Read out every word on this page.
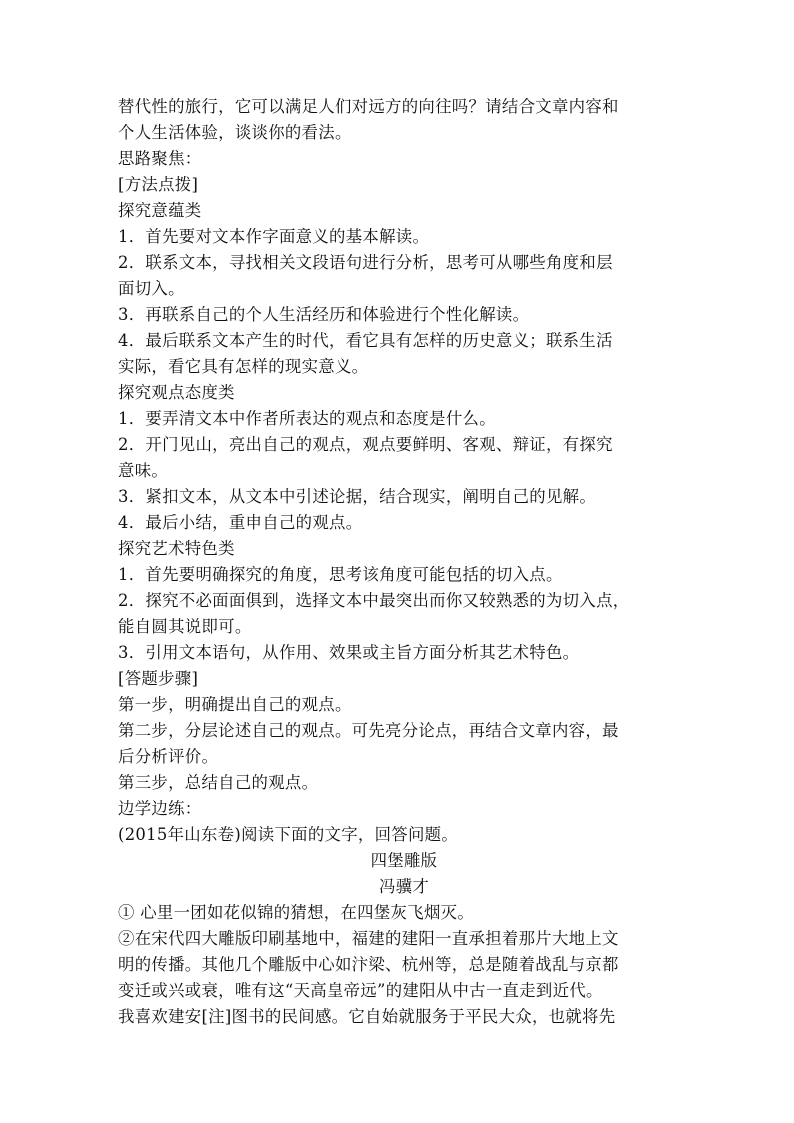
替代性的旅行，它可以满足人们对远方的向往吗？请结合文章内容和
个人生活体验，谈谈你的看法。
思路聚焦：
[方法点拨]
探究意蕴类
1．首先要对文本作字面意义的基本解读。
2．联系文本，寻找相关文段语句进行分析，思考可从哪些角度和层
面切入。
3．再联系自己的个人生活经历和体验进行个性化解读。
4．最后联系文本产生的时代，看它具有怎样的历史意义；联系生活
实际，看它具有怎样的现实意义。
探究观点态度类
1．要弄清文本中作者所表达的观点和态度是什么。
2．开门见山，亮出自己的观点，观点要鲜明、客观、辩证，有探究
意味。
3．紧扣文本，从文本中引述论据，结合现实，阐明自己的见解。
4．最后小结，重申自己的观点。
探究艺术特色类
1．首先要明确探究的角度，思考该角度可能包括的切入点。
2．探究不必面面俱到，选择文本中最突出而你又较熟悉的为切入点，
能自圆其说即可。
3．引用文本语句，从作用、效果或主旨方面分析其艺术特色。
[答题步骤]
第一步，明确提出自己的观点。
第二步，分层论述自己的观点。可先亮分论点，再结合文章内容，最
后分析评价。
第三步，总结自己的观点。
边学边练：
(2015年山东卷)阅读下面的文字，回答问题。
四堡雕版
冯骥才
① 心里一团如花似锦的猜想，在四堡灰飞烟灭。
②在宋代四大雕版印刷基地中，福建的建阳一直承担着那片大地上文
明的传播。其他几个雕版中心如汴梁、杭州等，总是随着战乱与京都
变迁或兴或衰，唯有这“天高皇帝远”的建阳从中古一直走到近代。
我喜欢建安[注]图书的民间感。它自始就服务于平民大众，也就将先
